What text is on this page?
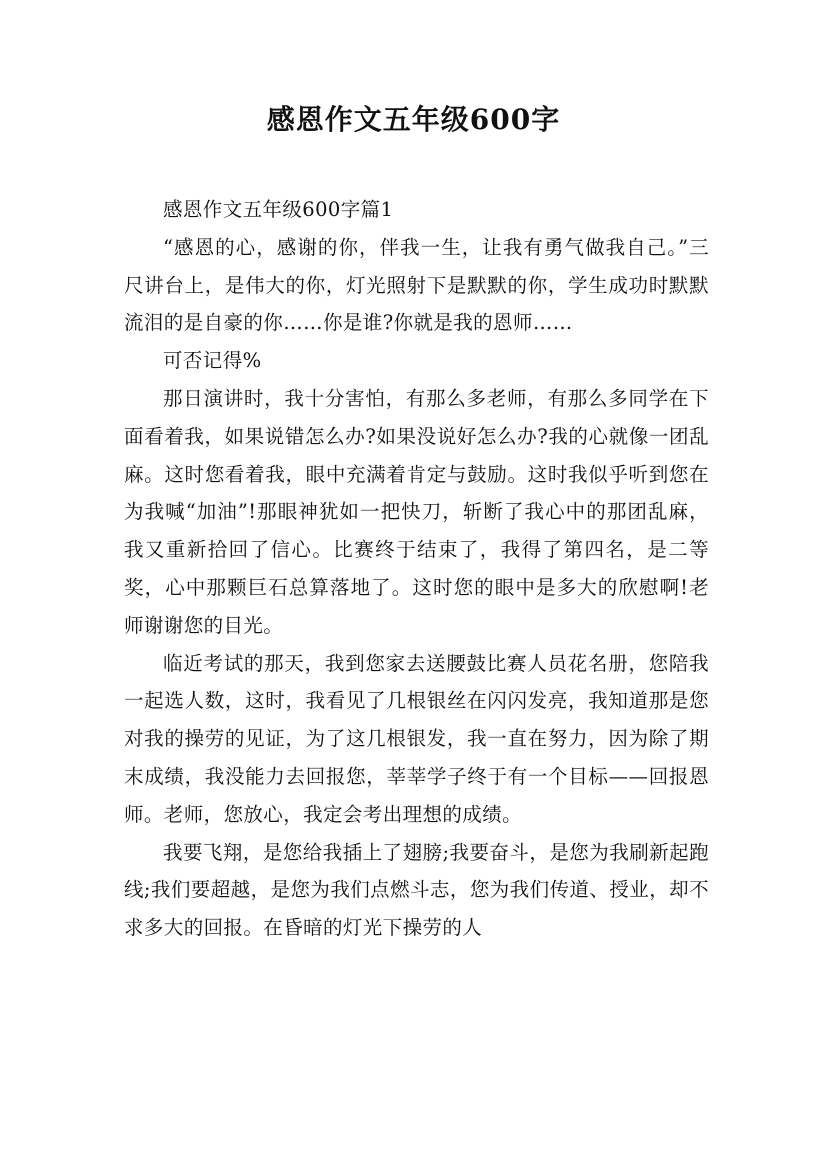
感恩作文五年级600字

感恩作文五年级600字篇1

“感恩的心，感谢的你，伴我一生，让我有勇气做我自己。”三尺讲台上，是伟大的你，灯光照射下是默默的你，学生成功时默默流泪的是自豪的你……你是谁?你就是我的恩师……

可否记得%

那日演讲时，我十分害怕，有那么多老师，有那么多同学在下面看着我，如果说错怎么办?如果没说好怎么办?我的心就像一团乱麻。这时您看着我，眼中充满着肯定与鼓励。这时我似乎听到您在为我喊“加油”!那眼神犹如一把快刀，斩断了我心中的那团乱麻，我又重新拾回了信心。比赛终于结束了，我得了第四名，是二等奖，心中那颗巨石总算落地了。这时您的眼中是多大的欣慰啊!老师谢谢您的目光。

临近考试的那天，我到您家去送腰鼓比赛人员花名册，您陪我一起选人数，这时，我看见了几根银丝在闪闪发亮，我知道那是您对我的操劳的见证，为了这几根银发，我一直在努力，因为除了期末成绩，我没能力去回报您，莘莘学子终于有一个目标——回报恩师。老师，您放心，我定会考出理想的成绩。

我要飞翔，是您给我插上了翅膀;我要奋斗，是您为我刷新起跑线;我们要超越，是您为我们点燃斗志，您为我们传道、授业，却不求多大的回报。在昏暗的灯光下操劳的人
